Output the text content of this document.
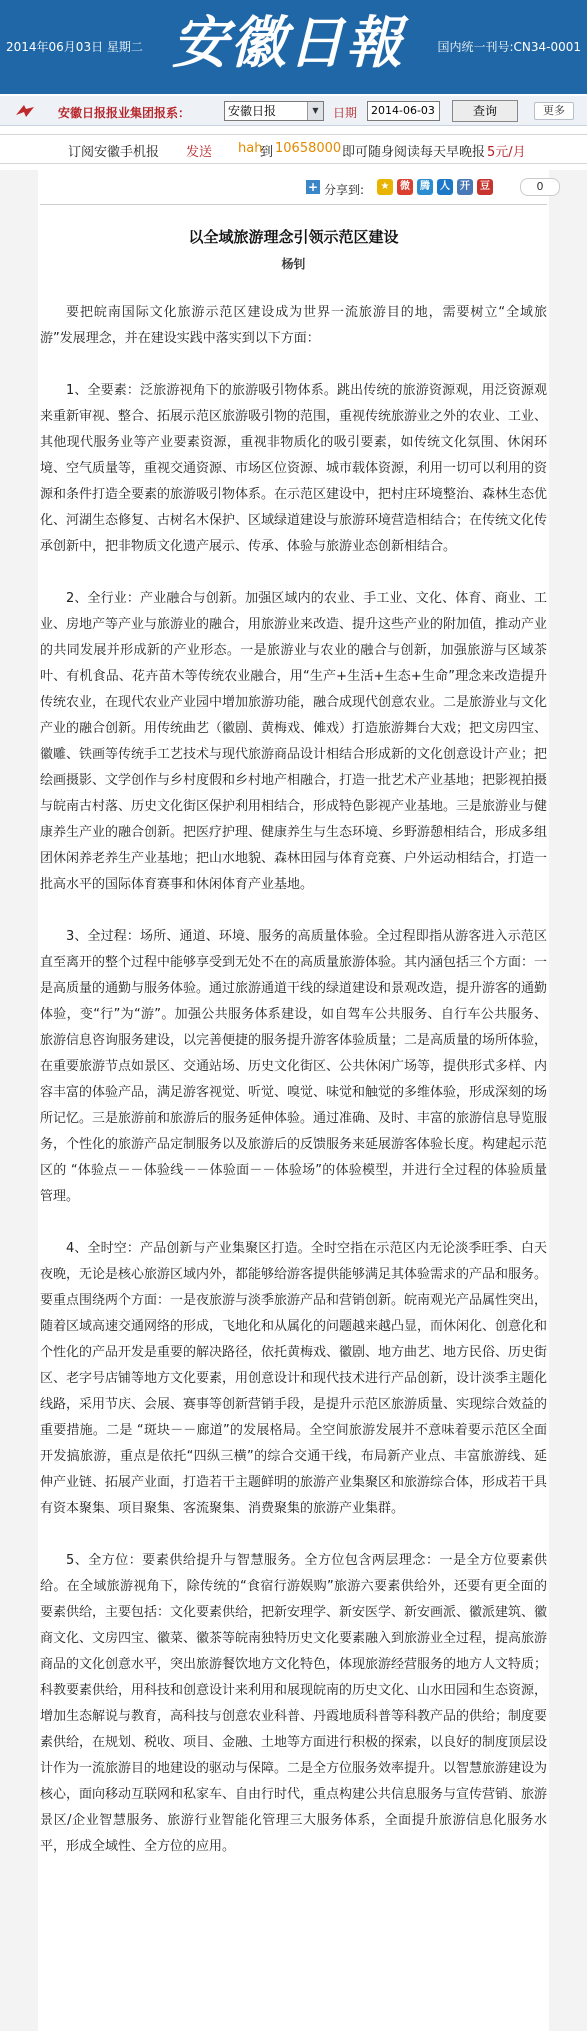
2014年06月03日 星期二 安徽日報	国内统一刊号:CN34-0001
安徽日报报业集团报系：	安徽日报	▼	日期	2014-06-03	查询	更多
订阅安徽手机报 发送 hah
到 10658000 即可随身阅读每天早晚报 5元/月
+ 分享到:	★	微	腾	人	开	豆	0
以全域旅游理念引领示范区建设
杨钊

要把皖南国际文化旅游示范区建设成为世界一流旅游目的地，需要树立“全域旅游”发展理念，并在建设实践中落实到以下方面：

1、全要素：泛旅游视角下的旅游吸引物体系。跳出传统的旅游资源观，用泛资源观来重新审视、整合、拓展示范区旅游吸引物的范围，重视传统旅游业之外的农业、工业、其他现代服务业等产业要素资源，重视非物质化的吸引要素，如传统文化氛围、休闲环境、空气质量等，重视交通资源、市场区位资源、城市载体资源，利用一切可以利用的资源和条件打造全要素的旅游吸引物体系。在示范区建设中，把村庄环境整治、森林生态优化、河湖生态修复、古树名木保护、区域绿道建设与旅游环境营造相结合；在传统文化传承创新中，把非物质文化遗产展示、传承、体验与旅游业态创新相结合。

2、全行业：产业融合与创新。加强区域内的农业、手工业、文化、体育、商业、工业、房地产等产业与旅游业的融合，用旅游业来改造、提升这些产业的附加值，推动产业的共同发展并形成新的产业形态。一是旅游业与农业的融合与创新，加强旅游与区域茶叶、有机食品、花卉苗木等传统农业融合，用“生产+生活+生态+生命”理念来改造提升传统农业，在现代农业产业园中增加旅游功能，融合成现代创意农业。二是旅游业与文化产业的融合创新。用传统曲艺（徽剧、黄梅戏、傩戏）打造旅游舞台大戏；把文房四宝、徽雕、铁画等传统手工艺技术与现代旅游商品设计相结合形成新的文化创意设计产业；把绘画摄影、文学创作与乡村度假和乡村地产相融合，打造一批艺术产业基地；把影视拍摄与皖南古村落、历史文化街区保护利用相结合，形成特色影视产业基地。三是旅游业与健康养生产业的融合创新。把医疗护理、健康养生与生态环境、乡野游憩相结合，形成多组团休闲养老养生产业基地；把山水地貌、森林田园与体育竞赛、户外运动相结合，打造一批高水平的国际体育赛事和休闲体育产业基地。

3、全过程：场所、通道、环境、服务的高质量体验。全过程即指从游客进入示范区直至离开的整个过程中能够享受到无处不在的高质量旅游体验。其内涵包括三个方面：一是高质量的通勤与服务体验。通过旅游通道干线的绿道建设和景观改造，提升游客的通勤体验，变“行”为“游”。加强公共服务体系建设，如自驾车公共服务、自行车公共服务、旅游信息咨询服务建设，以完善便捷的服务提升游客体验质量；二是高质量的场所体验，在重要旅游节点如景区、交通站场、历史文化街区、公共休闲广场等，提供形式多样、内容丰富的体验产品，满足游客视觉、听觉、嗅觉、味觉和触觉的多维体验，形成深刻的场所记忆。三是旅游前和旅游后的服务延伸体验。通过准确、及时、丰富的旅游信息导览服务，个性化的旅游产品定制服务以及旅游后的反馈服务来延展游客体验长度。构建起示范区的 “体验点－－体验线－－体验面－－体验场”的体验模型，并进行全过程的体验质量管理。

4、全时空：产品创新与产业集聚区打造。全时空指在示范区内无论淡季旺季、白天夜晚，无论是核心旅游区域内外，都能够给游客提供能够满足其体验需求的产品和服务。要重点围绕两个方面：一是夜旅游与淡季旅游产品和营销创新。皖南观光产品属性突出，随着区域高速交通网络的形成，飞地化和从属化的问题越来越凸显，而休闲化、创意化和个性化的产品开发是重要的解决路径，依托黄梅戏、徽剧、地方曲艺、地方民俗、历史街区、老字号店铺等地方文化要素，用创意设计和现代技术进行产品创新，设计淡季主题化线路，采用节庆、会展、赛事等创新营销手段，是提升示范区旅游质量、实现综合效益的重要措施。二是 “斑块－－廊道”的发展格局。全空间旅游发展并不意味着要示范区全面开发搞旅游，重点是依托“四纵三横”的综合交通干线，布局新产业点、丰富旅游线、延伸产业链、拓展产业面，打造若干主题鲜明的旅游产业集聚区和旅游综合体，形成若干具有资本聚集、项目聚集、客流聚集、消费聚集的旅游产业集群。

5、全方位：要素供给提升与智慧服务。全方位包含两层理念：一是全方位要素供给。在全域旅游视角下，除传统的“食宿行游娱购”旅游六要素供给外，还要有更全面的要素供给，主要包括：文化要素供给，把新安理学、新安医学、新安画派、徽派建筑、徽商文化、文房四宝、徽菜、徽茶等皖南独特历史文化要素融入到旅游业全过程，提高旅游商品的文化创意水平，突出旅游餐饮地方文化特色，体现旅游经营服务的地方人文特质；科教要素供给，用科技和创意设计来利用和展现皖南的历史文化、山水田园和生态资源，增加生态解说与教育，高科技与创意农业科普、丹霞地质科普等科教产品的供给；制度要素供给，在规划、税收、项目、金融、土地等方面进行积极的探索，以良好的制度顶层设计作为一流旅游目的地建设的驱动与保障。二是全方位服务效率提升。以智慧旅游建设为核心，面向移动互联网和私家车、自由行时代，重点构建公共信息服务与宣传营销、旅游景区/企业智慧服务、旅游行业智能化管理三大服务体系，全面提升旅游信息化服务水平，形成全域性、全方位的应用。
